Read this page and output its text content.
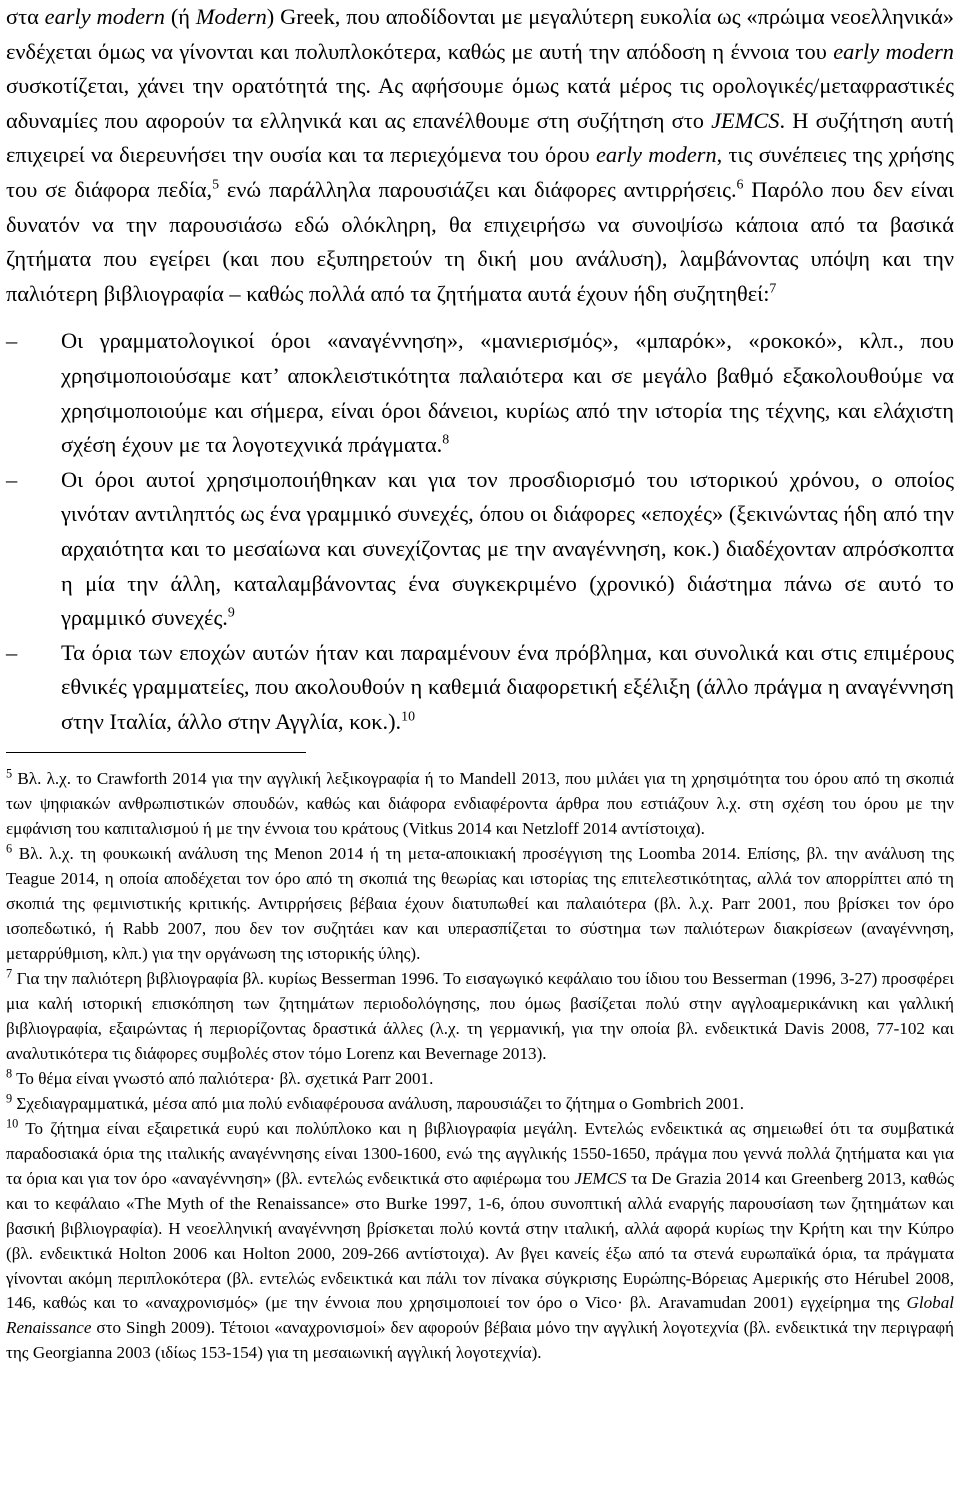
στα early modern (ή Modern) Greek, που αποδίδονται με μεγαλύτερη ευκολία ως «πρώιμα νεοελληνικά» ενδέχεται όμως να γίνονται και πολυπλοκότερα, καθώς με αυτή την απόδοση η έννοια του early modern συσκοτίζεται, χάνει την ορατότητά της. Ας αφήσουμε όμως κατά μέρος τις ορολογικές/μεταφραστικές αδυναμίες που αφορούν τα ελληνικά και ας επανέλθουμε στη συζήτηση στο JEMCS. Η συζήτηση αυτή επιχειρεί να διερευνήσει την ουσία και τα περιεχόμενα του όρου early modern, τις συνέπειες της χρήσης του σε διάφορα πεδία,$^5$ ενώ παράλληλα παρουσιάζει και διάφορες αντιρρήσεις.$^6$ Παρόλο που δεν είναι δυνατόν να την παρουσιάσω εδώ ολόκληρη, θα επιχειρήσω να συνοψίσω κάποια από τα βασικά ζητήματα που εγείρει (και που εξυπηρετούν τη δική μου ανάλυση), λαμβάνοντας υπόψη και την παλιότερη βιβλιογραφία – καθώς πολλά από τα ζητήματα αυτά έχουν ήδη συζητηθεί:$^7$

– Οι γραμματολογικοί όροι «αναγέννηση», «μανιερισμός», «μπαρόκ», «ροκοκό», κλπ., που χρησιμοποιούσαμε κατ’ αποκλειστικότητα παλαιότερα και σε μεγάλο βαθμό εξακολουθούμε να χρησιμοποιούμε και σήμερα, είναι όροι δάνειοι, κυρίως από την ιστορία της τέχνης, και ελάχιστη σχέση έχουν με τα λογοτεχνικά πράγματα.$^8$
– Οι όροι αυτοί χρησιμοποιήθηκαν και για τον προσδιορισμό του ιστορικού χρόνου, ο οποίος γινόταν αντιληπτός ως ένα γραμμικό συνεχές, όπου οι διάφορες «εποχές» (ξεκινώντας ήδη από την αρχαιότητα και το μεσαίωνα και συνεχίζοντας με την αναγέννηση, κοκ.) διαδέχονταν απρόσκοπτα η μία την άλλη, καταλαμβάνοντας ένα συγκεκριμένο (χρονικό) διάστημα πάνω σε αυτό το γραμμικό συνεχές.$^9$
– Τα όρια των εποχών αυτών ήταν και παραμένουν ένα πρόβλημα, και συνολικά και στις επιμέρους εθνικές γραμματείες, που ακολουθούν η καθεμιά διαφορετική εξέλιξη (άλλο πράγμα η αναγέννηση στην Ιταλία, άλλο στην Αγγλία, κοκ.).$^{10}$

$^5$ Βλ. λ.χ. το Crawforth 2014 για την αγγλική λεξικογραφία ή το Mandell 2013, που μιλάει για τη χρησιμότητα του όρου από τη σκοπιά των ψηφιακών ανθρωπιστικών σπουδών, καθώς και διάφορα ενδιαφέροντα άρθρα που εστιάζουν λ.χ. στη σχέση του όρου με την εμφάνιση του καπιταλισμού ή με την έννοια του κράτους (Vitkus 2014 και Netzloff 2014 αντίστοιχα).

$^6$ Βλ. λ.χ. τη φουκωική ανάλυση της Menon 2014 ή τη μετα-αποικιακή προσέγγιση της Loomba 2014. Επίσης, βλ. την ανάλυση της Teague 2014, η οποία αποδέχεται τον όρο από τη σκοπιά της θεωρίας και ιστορίας της επιτελεστικότητας, αλλά τον απορρίπτει από τη σκοπιά της φεμινιστικής κριτικής. Αντιρρήσεις βέβαια έχουν διατυπωθεί και παλαιότερα (βλ. λ.χ. Parr 2001, που βρίσκει τον όρο ισοπεδωτικό, ή Rabb 2007, που δεν τον συζητάει καν και υπερασπίζεται το σύστημα των παλιότερων διακρίσεων (αναγέννηση, μεταρρύθμιση, κλπ.) για την οργάνωση της ιστορικής ύλης).

$^7$ Για την παλιότερη βιβλιογραφία βλ. κυρίως Besserman 1996. Το εισαγωγικό κεφάλαιο του ίδιου του Besserman (1996, 3-27) προσφέρει μια καλή ιστορική επισκόπηση των ζητημάτων περιοδολόγησης, που όμως βασίζεται πολύ στην αγγλοαμερικάνικη και γαλλική βιβλιογραφία, εξαιρώντας ή περιορίζοντας δραστικά άλλες (λ.χ. τη γερμανική, για την οποία βλ. ενδεικτικά Davis 2008, 77-102 και αναλυτικότερα τις διάφορες συμβολές στον τόμο Lorenz και Bevernage 2013).

$^8$ Το θέμα είναι γνωστό από παλιότερα· βλ. σχετικά Parr 2001.

$^9$ Σχεδιαγραμματικά, μέσα από μια πολύ ενδιαφέρουσα ανάλυση, παρουσιάζει το ζήτημα ο Gombrich 2001.

$^{10}$ Το ζήτημα είναι εξαιρετικά ευρύ και πολύπλοκο και η βιβλιογραφία μεγάλη. Εντελώς ενδεικτικά ας σημειωθεί ότι τα συμβατικά παραδοσιακά όρια της ιταλικής αναγέννησης είναι 1300-1600, ενώ της αγγλικής 1550-1650, πράγμα που γεννά πολλά ζητήματα και για τα όρια και για τον όρο «αναγέννηση» (βλ. εντελώς ενδεικτικά στο αφιέρωμα του JEMCS τα De Grazia 2014 και Greenberg 2013, καθώς και το κεφάλαιο «The Myth of the Renaissance» στο Burke 1997, 1-6, όπου συνοπτική αλλά εναργής παρουσίαση των ζητημάτων και βασική βιβλιογραφία). Η νεοελληνική αναγέννηση βρίσκεται πολύ κοντά στην ιταλική, αλλά αφορά κυρίως την Κρήτη και την Κύπρο (βλ. ενδεικτικά Holton 2006 και Holton 2000, 209-266 αντίστοιχα). Αν βγει κανείς έξω από τα στενά ευρωπαϊκά όρια, τα πράγματα γίνονται ακόμη περιπλοκότερα (βλ. εντελώς ενδεικτικά και πάλι τον πίνακα σύγκρισης Ευρώπης-Βόρειας Αμερικής στο Hérubel 2008, 146, καθώς και το «αναχρονισμός» (με την έννοια που χρησιμοποιεί τον όρο ο Vico· βλ. Aravamudan 2001) εγχείρημα της Global Renaissance στο Singh 2009). Τέτοιοι «αναχρονισμοί» δεν αφορούν βέβαια μόνο την αγγλική λογοτεχνία (βλ. ενδεικτικά την περιγραφή της Georgianna 2003 (ιδίως 153-154) για τη μεσαιωνική αγγλική λογοτεχνία).
